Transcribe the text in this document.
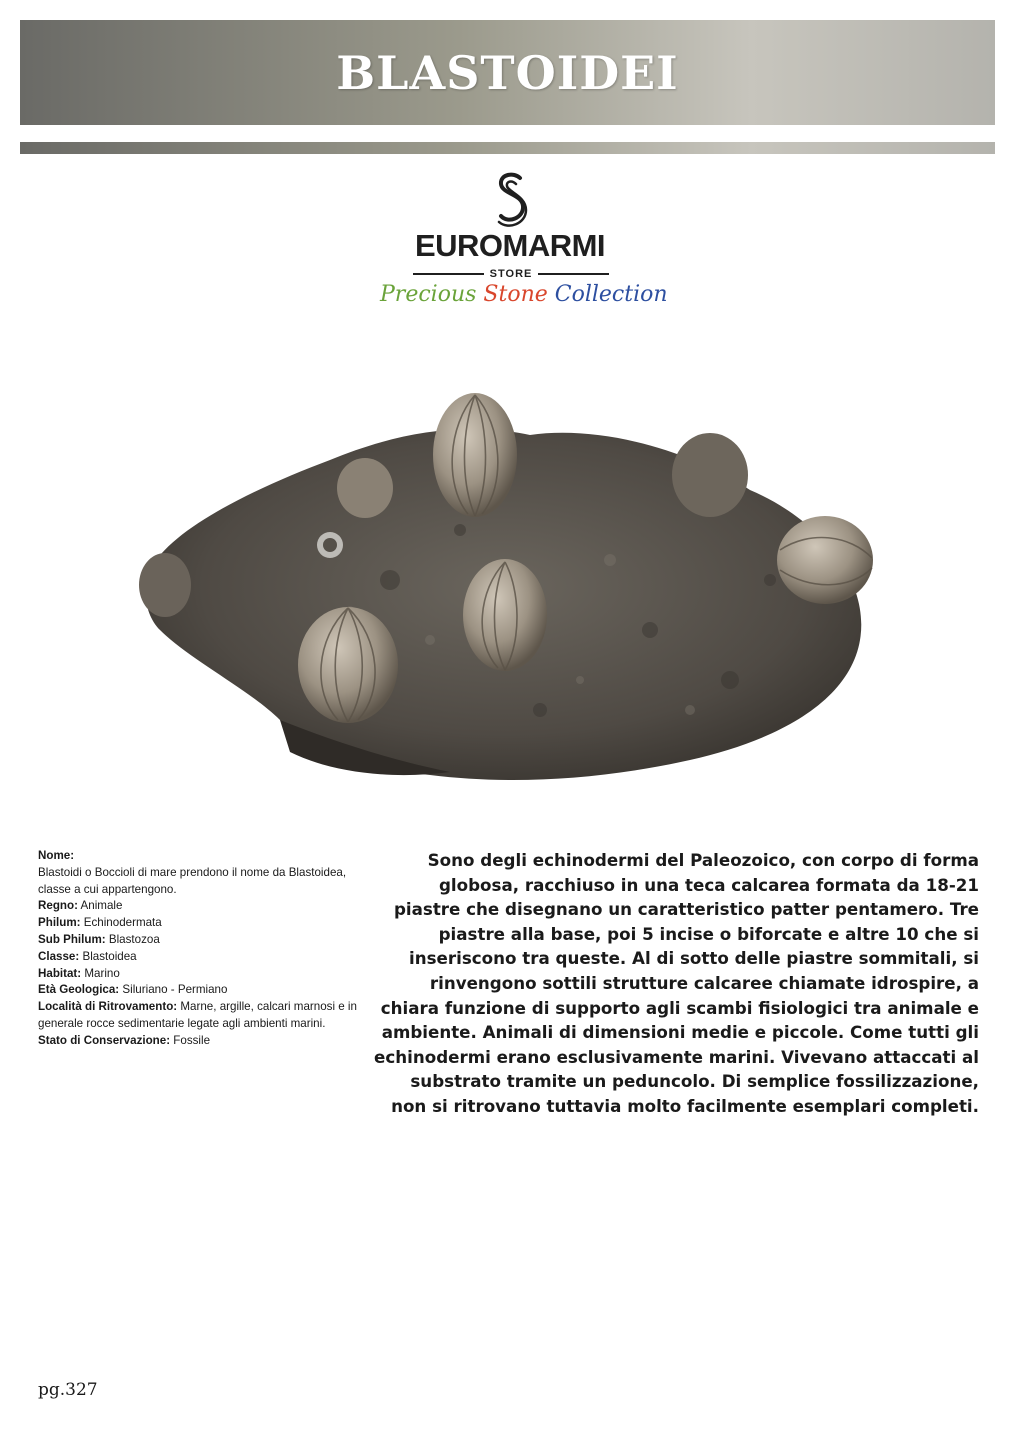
BLASTOIDEI
EUROMARMI
STORE
Precious Stone Collection

Nome:

Blastoidi o Boccioli di mare prendono il nome da Blastoidea, classe a cui appartengono.

Regno: Animale

Philum: Echinodermata

Sub Philum: Blastozoa

Classe: Blastoidea

Habitat: Marino

Età Geologica: Siluriano - Permiano

Località di Ritrovamento: Marne, argille, calcari marnosi e in generale rocce sedimentarie legate agli ambienti marini.

Stato di Conservazione: Fossile

Sono degli echinodermi del Paleozoico, con corpo di forma globosa, racchiuso in una teca calcarea formata da 18-21 piastre che disegnano un caratteristico patter pentamero. Tre piastre alla base, poi 5 incise o biforcate e altre 10 che si inseriscono tra queste. Al di sotto delle piastre sommitali, si rinvengono sottili strutture calcaree chiamate idrospire, a chiara funzione di supporto agli scambi fisiologici tra animale e ambiente. Animali di dimensioni medie e piccole. Come tutti gli echinodermi erano esclusivamente marini. Vivevano attaccati al substrato tramite un peduncolo. Di semplice fossilizzazione, non si ritrovano tuttavia molto facilmente esemplari completi.
pg.327
